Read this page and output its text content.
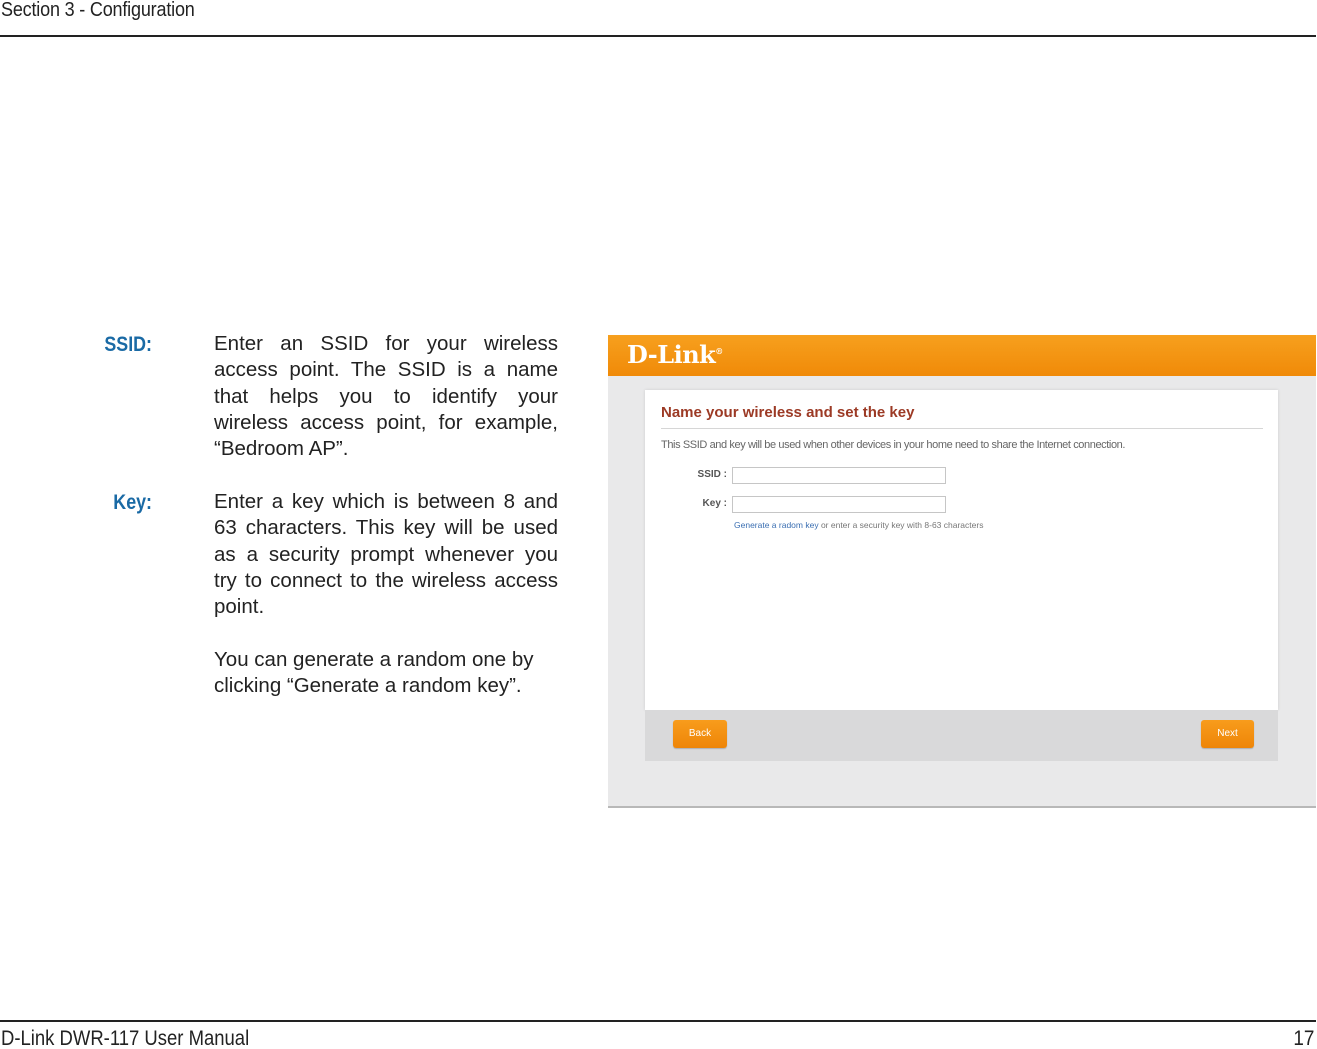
Section 3 - Configuration
SSID:	Enter an SSID for your wireless access point. The SSID is a name that helps you to identify your wireless access point, for example, “Bedroom AP”.
Key:	Enter a key which is between 8 and 63 characters. This key will be used as a security prompt whenever you try to connect to the wireless access point.
You can generate a random one by clicking “Generate a random key”.
D-Link®
Name your wireless and set the key
This SSID and key will be used when other devices in your home need to share the Internet connection.
SSID :
Key :
Generate a radom key or enter a security key with 8-63 characters
Back	Next
D-Link DWR-117 User Manual	17
